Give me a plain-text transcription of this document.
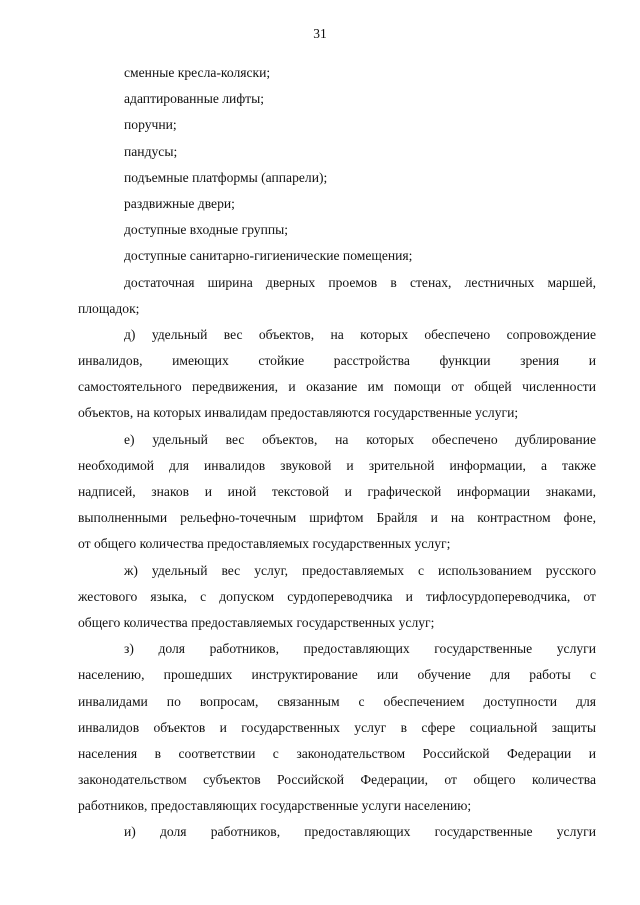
31
сменные кресла-коляски;
адаптированные лифты;
поручни;
пандусы;
подъемные платформы (аппарели);
раздвижные двери;
доступные входные группы;
доступные санитарно-гигиенические помещения;
достаточная ширина дверных проемов в стенах, лестничных маршей,
площадок;
д) удельный вес объектов, на которых обеспечено сопровождение
инвалидов, имеющих стойкие расстройства функции зрения и
самостоятельного передвижения, и оказание им помощи от общей численности
объектов, на которых инвалидам предоставляются государственные услуги;
е) удельный вес объектов, на которых обеспечено дублирование
необходимой для инвалидов звуковой и зрительной информации, а также
надписей, знаков и иной текстовой и графической информации знаками,
выполненными рельефно-точечным шрифтом Брайля и на контрастном фоне,
от общего количества предоставляемых государственных услуг;
ж) удельный вес услуг, предоставляемых с использованием русского
жестового языка, с допуском сурдопереводчика и тифлосурдопереводчика, от
общего количества предоставляемых государственных услуг;
з) доля работников, предоставляющих государственные услуги
населению, прошедших инструктирование или обучение для работы с
инвалидами по вопросам, связанным с обеспечением доступности для
инвалидов объектов и государственных услуг в сфере социальной защиты
населения в соответствии с законодательством Российской Федерации и
законодательством субъектов Российской Федерации, от общего количества
работников, предоставляющих государственные услуги населению;
и) доля работников, предоставляющих государственные услуги
